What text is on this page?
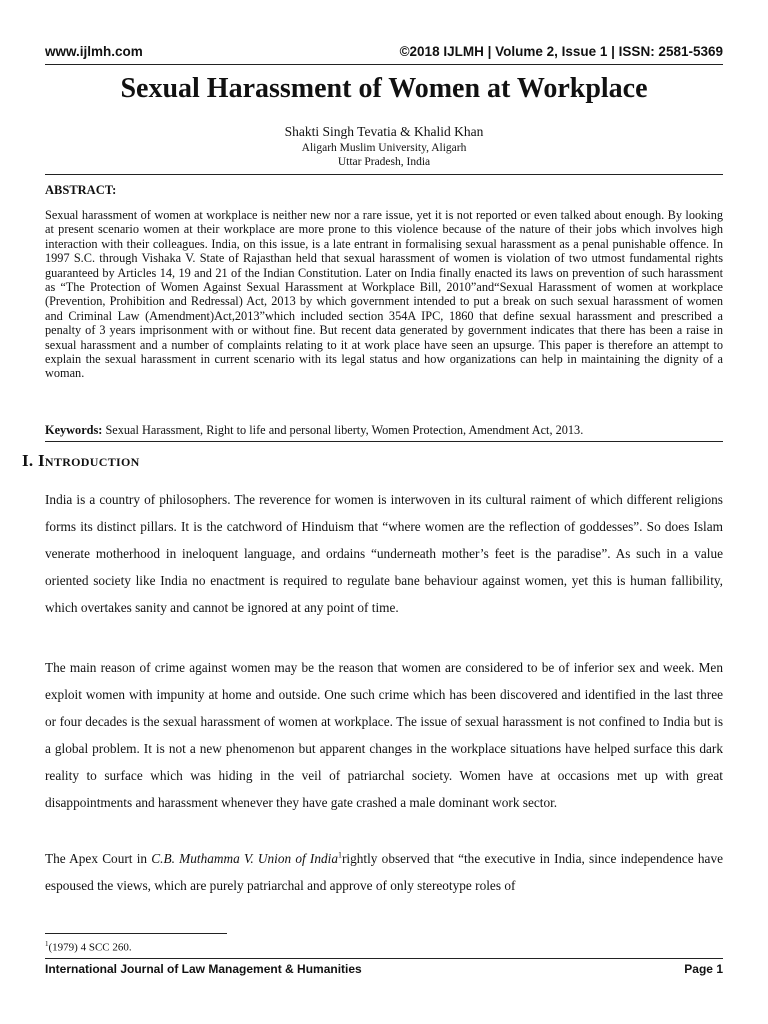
www.ijlmh.com	©2018 IJLMH | Volume 2, Issue 1 | ISSN: 2581-5369
Sexual Harassment of Women at Workplace
Shakti Singh Tevatia & Khalid Khan
Aligarh Muslim University, Aligarh
Uttar Pradesh, India
ABSTRACT:
Sexual harassment of women at workplace is neither new nor a rare issue, yet it is not reported or even talked about enough. By looking at present scenario women at their workplace are more prone to this violence because of the nature of their jobs which involves high interaction with their colleagues. India, on this issue, is a late entrant in formalising sexual harassment as a penal punishable offence. In 1997 S.C. through Vishaka V. State of Rajasthan held that sexual harassment of women is violation of two utmost fundamental rights guaranteed by Articles 14, 19 and 21 of the Indian Constitution. Later on India finally enacted its laws on prevention of such harassment as “The Protection of Women Against Sexual Harassment at Workplace Bill, 2010”and“Sexual Harassment of women at workplace (Prevention, Prohibition and Redressal) Act, 2013 by which government intended to put a break on such sexual harassment of women and Criminal Law (Amendment)Act,2013”which included section 354A IPC, 1860 that define sexual harassment and prescribed a penalty of 3 years imprisonment with or without fine. But recent data generated by government indicates that there has been a raise in sexual harassment and a number of complaints relating to it at work place have seen an upsurge. This paper is therefore an attempt to explain the sexual harassment in current scenario with its legal status and how organizations can help in maintaining the dignity of a woman.
Keywords: Sexual Harassment, Right to life and personal liberty, Women Protection, Amendment Act, 2013.
I. Introduction
India is a country of philosophers. The reverence for women is interwoven in its cultural raiment of which different religions forms its distinct pillars. It is the catchword of Hinduism that “where women are the reflection of goddesses”. So does Islam venerate motherhood in ineloquent language, and ordains “underneath mother’s feet is the paradise”. As such in a value oriented society like India no enactment is required to regulate bane behaviour against women, yet this is human fallibility, which overtakes sanity and cannot be ignored at any point of time.
The main reason of crime against women may be the reason that women are considered to be of inferior sex and week. Men exploit women with impunity at home and outside. One such crime which has been discovered and identified in the last three or four decades is the sexual harassment of women at workplace. The issue of sexual harassment is not confined to India but is a global problem. It is not a new phenomenon but apparent changes in the workplace situations have helped surface this dark reality to surface which was hiding in the veil of patriarchal society. Women have at occasions met up with great disappointments and harassment whenever they have gate crashed a male dominant work sector.
The Apex Court in C.B. Muthamma V. Union of India$^1$rightly observed that “the executive in India, since independence have espoused the views, which are purely patriarchal and approve of only stereotype roles of
$^1$(1979) 4 SCC 260.
International Journal of Law Management & Humanities	Page 1
